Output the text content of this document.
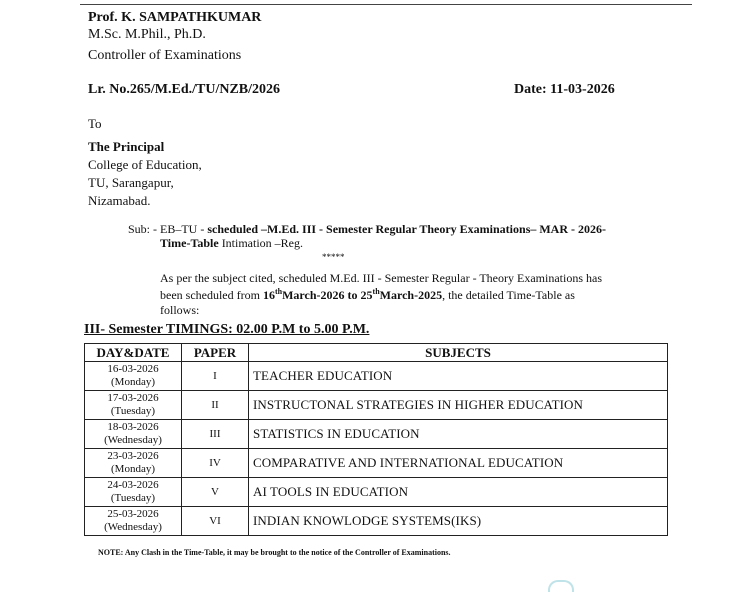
Prof. K. SAMPATHKUMAR
M.Sc. M.Phil., Ph.D.
Controller of Examinations
Lr. No.265/M.Ed./TU/NZB/2026	Date: 11-03-2026
To
The Principal
College of Education,
TU, Sarangapur,
Nizamabad.
Sub: - EB–TU - scheduled –M.Ed. III - Semester Regular Theory Examinations– MAR - 2026-
Time-Table Intimation –Reg.
*****
As per the subject cited, scheduled M.Ed. III - Semester Regular - Theory Examinations has
been scheduled from 16thMarch-2026 to 25thMarch-2025, the detailed Time-Table as
follows:
III- Semester TIMINGS: 02.00 P.M to 5.00 P.M.
DAY&DATE	PAPER	SUBJECTS

16-03-2026
(Monday)	I	TEACHER EDUCATION

17-03-2026
(Tuesday)	II	INSTRUCTONAL STRATEGIES IN HIGHER EDUCATION

18-03-2026
(Wednesday)	III	STATISTICS IN EDUCATION

23-03-2026
(Monday)	IV	COMPARATIVE AND INTERNATIONAL EDUCATION

24-03-2026
(Tuesday)	V	AI TOOLS IN EDUCATION

25-03-2026
(Wednesday)	VI	INDIAN KNOWLODGE SYSTEMS(IKS)
NOTE: Any Clash in the Time-Table, it may be brought to the notice of the Controller of Examinations.
